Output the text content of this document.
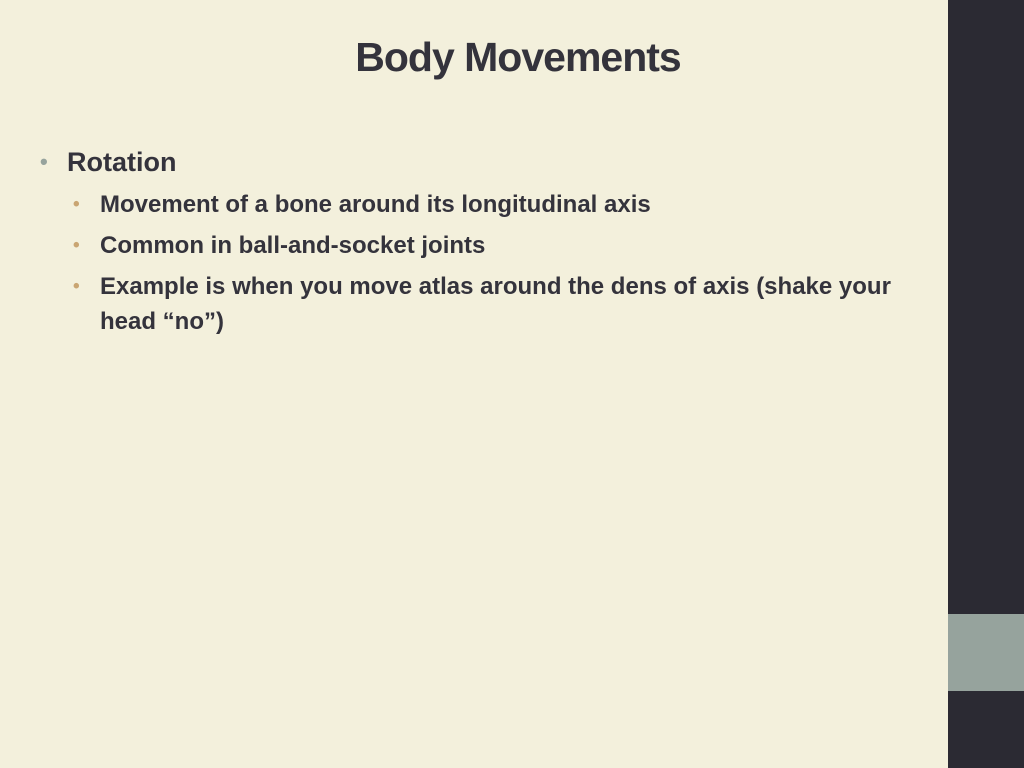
Body Movements
• Rotation
• Movement of a bone around its longitudinal axis
• Common in ball-and-socket joints
• Example is when you move atlas around the dens of axis (shake your head “no”)
